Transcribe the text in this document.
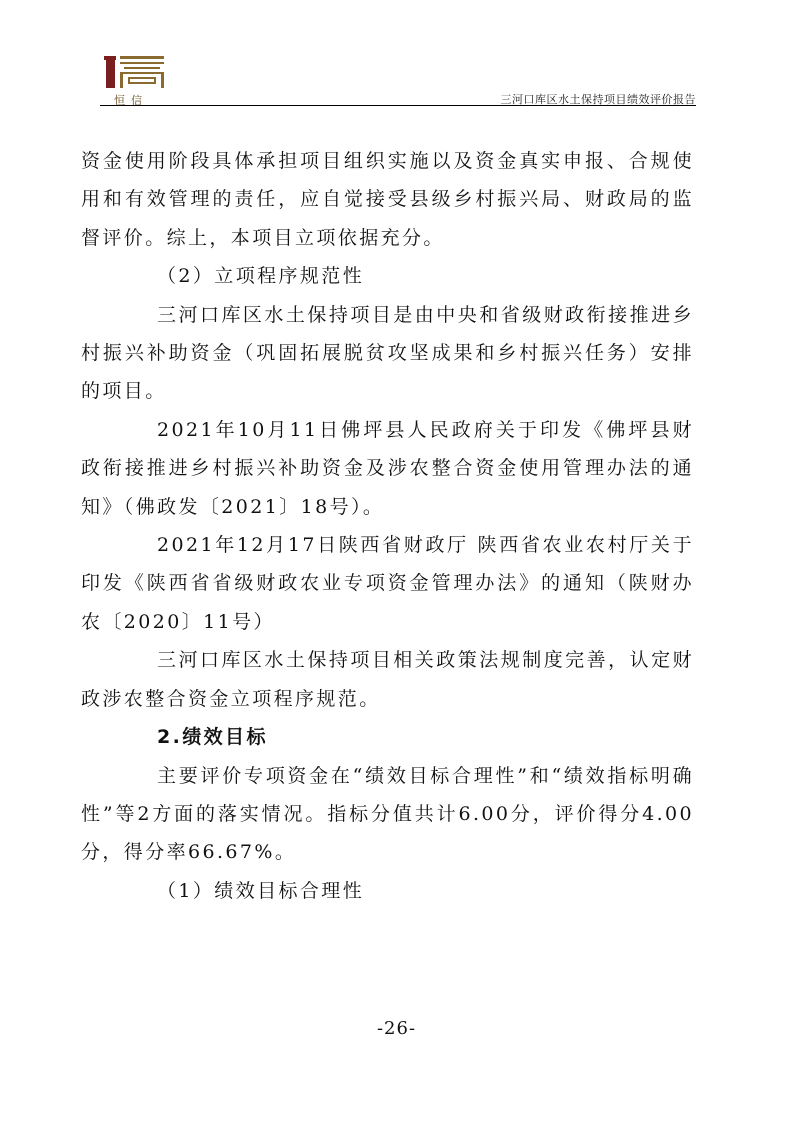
恒信	三河口库区水土保持项目绩效评价报告

资金使用阶段具体承担项目组织实施以及资金真实申报、合规使用和有效管理的责任，应自觉接受县级乡村振兴局、财政局的监督评价。综上，本项目立项依据充分。

（2）立项程序规范性

三河口库区水土保持项目是由中央和省级财政衔接推进乡村振兴补助资金（巩固拓展脱贫攻坚成果和乡村振兴任务）安排的项目。

2021年10月11日佛坪县人民政府关于印发《佛坪县财政衔接推进乡村振兴补助资金及涉农整合资金使用管理办法的通知》（佛政发〔2021〕18号）。

2021年12月17日陕西省财政厅 陕西省农业农村厅关于印发《陕西省省级财政农业专项资金管理办法》的通知（陕财办农〔2020〕11号）

三河口库区水土保持项目相关政策法规制度完善，认定财政涉农整合资金立项程序规范。

2.绩效目标

主要评价专项资金在“绩效目标合理性”和“绩效指标明确性”等2方面的落实情况。指标分值共计6.00分，评价得分4.00分，得分率66.67%。

（1）绩效目标合理性

-26-
